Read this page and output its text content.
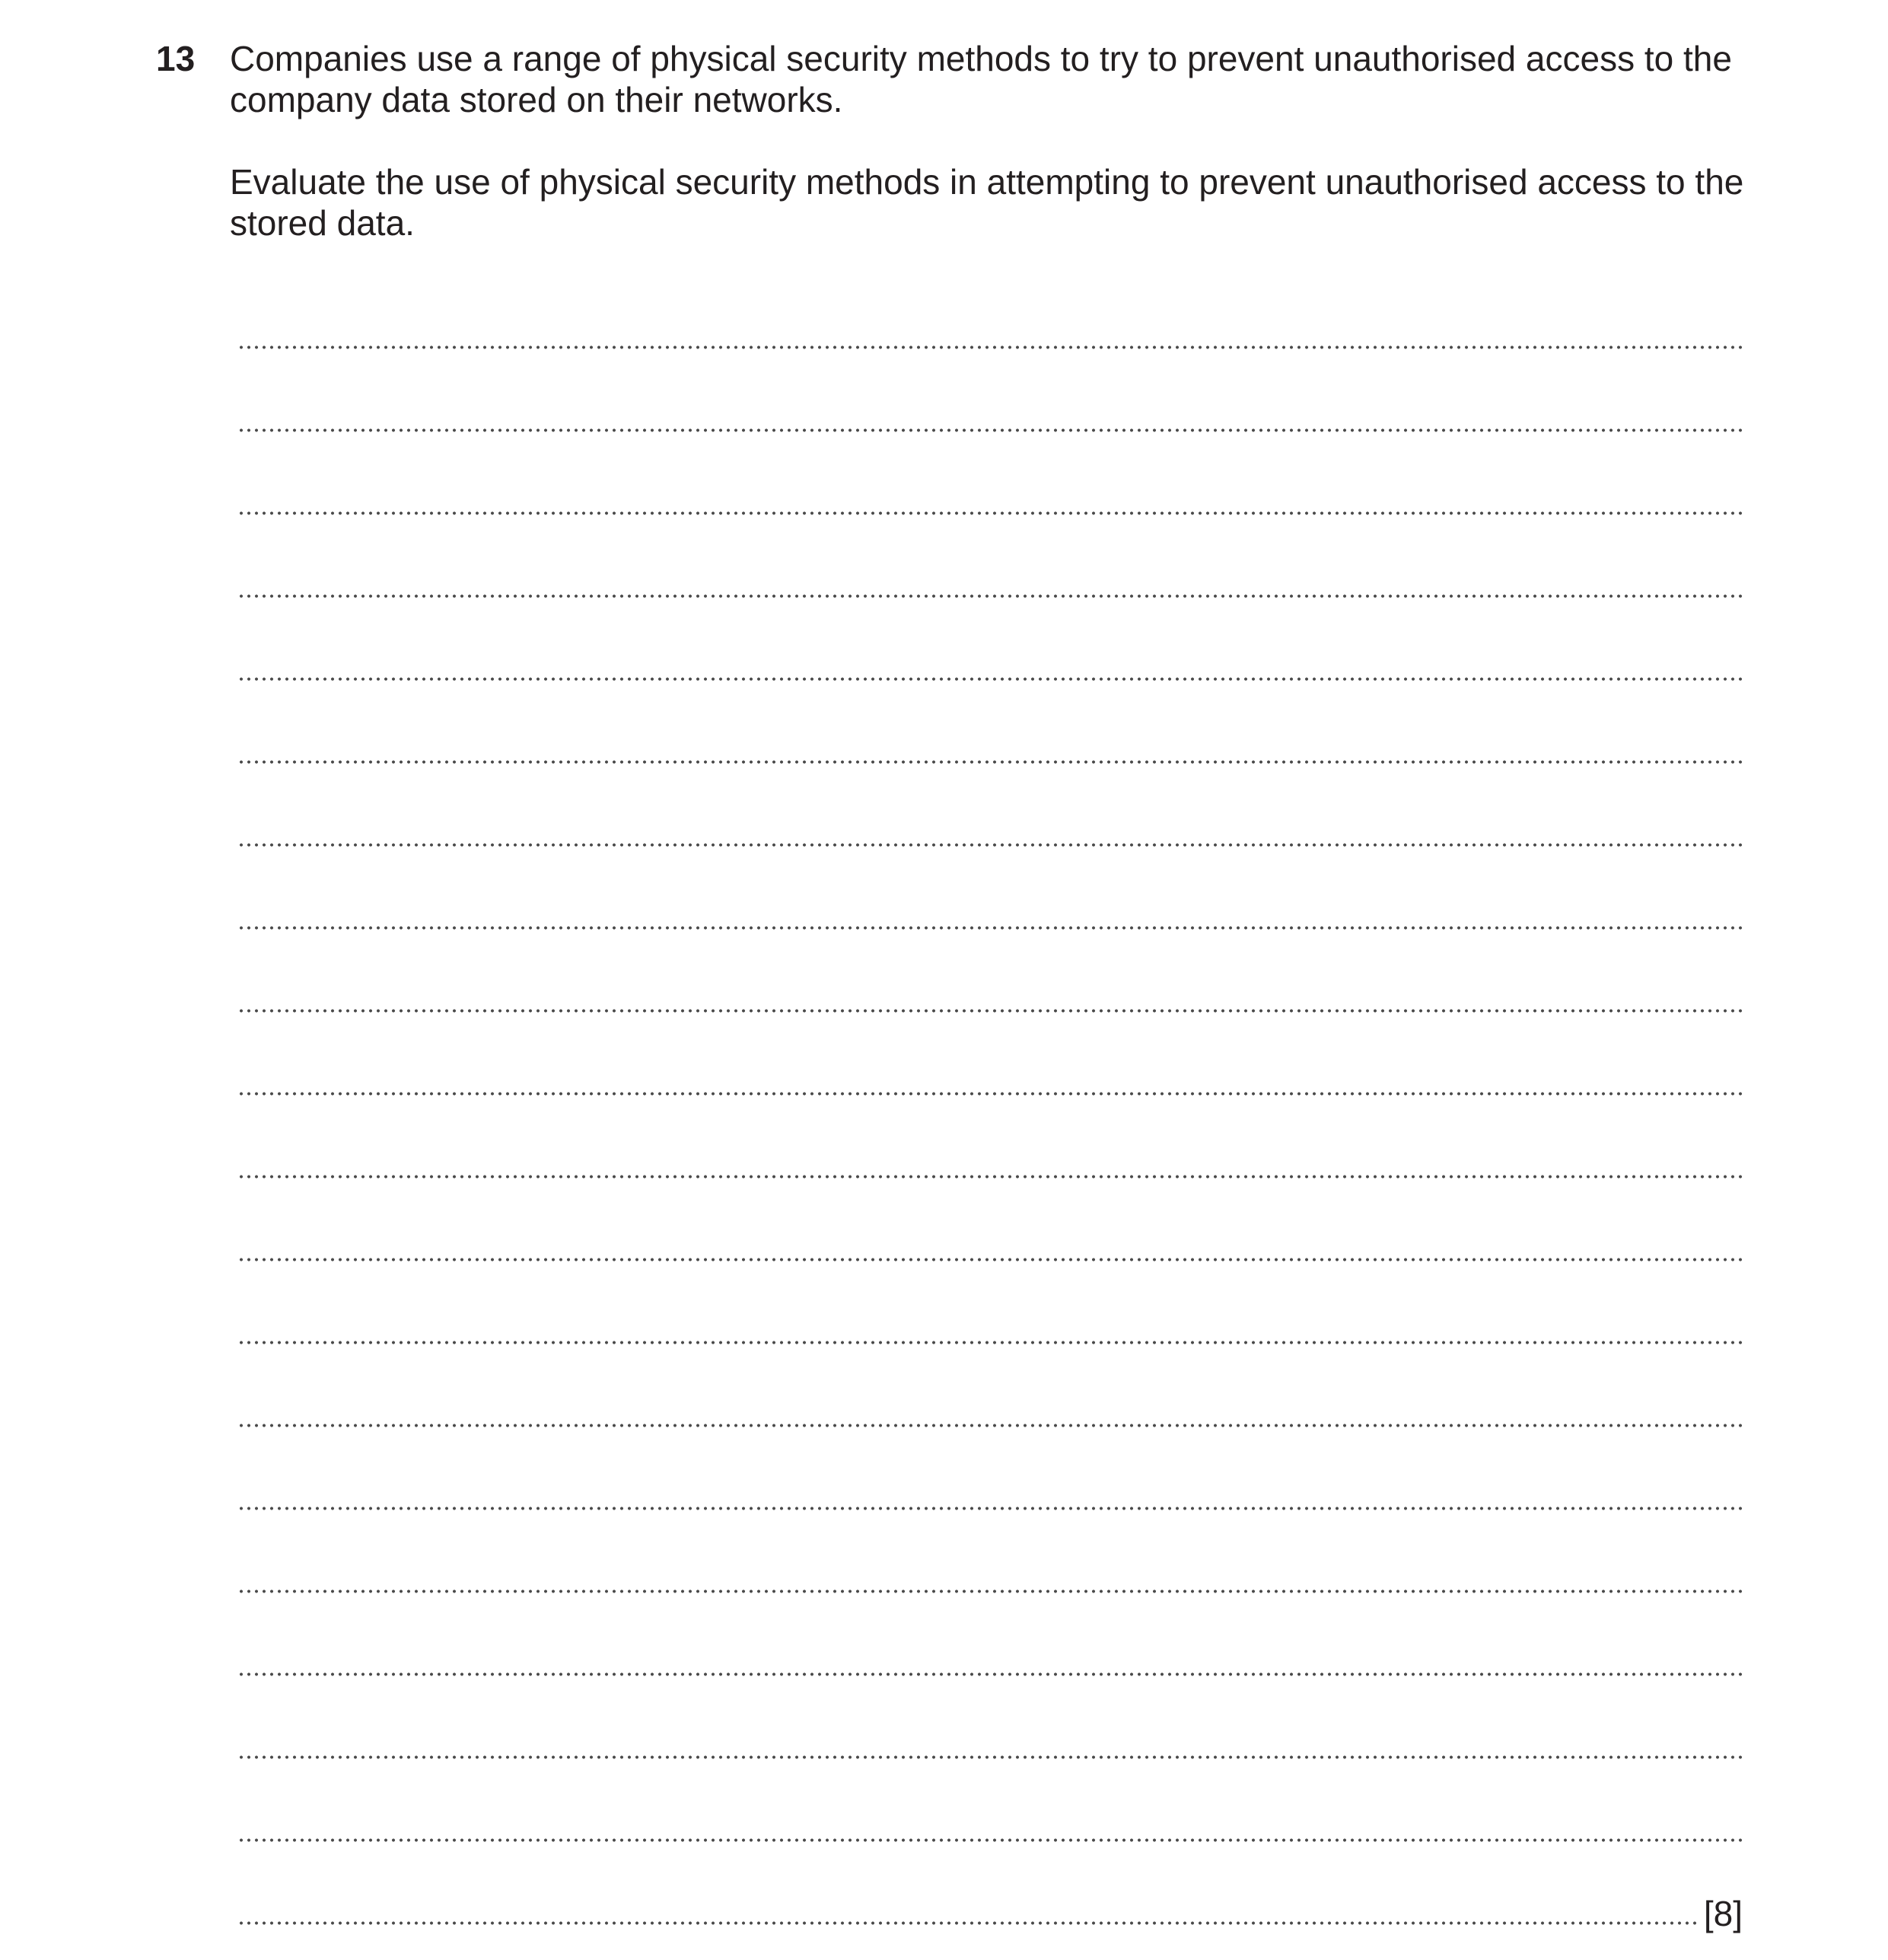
13 Companies use a range of physical security methods to try to prevent unauthorised access to the company data stored on their networks.

Evaluate the use of physical security methods in attempting to prevent unauthorised access to the stored data.

[8]
